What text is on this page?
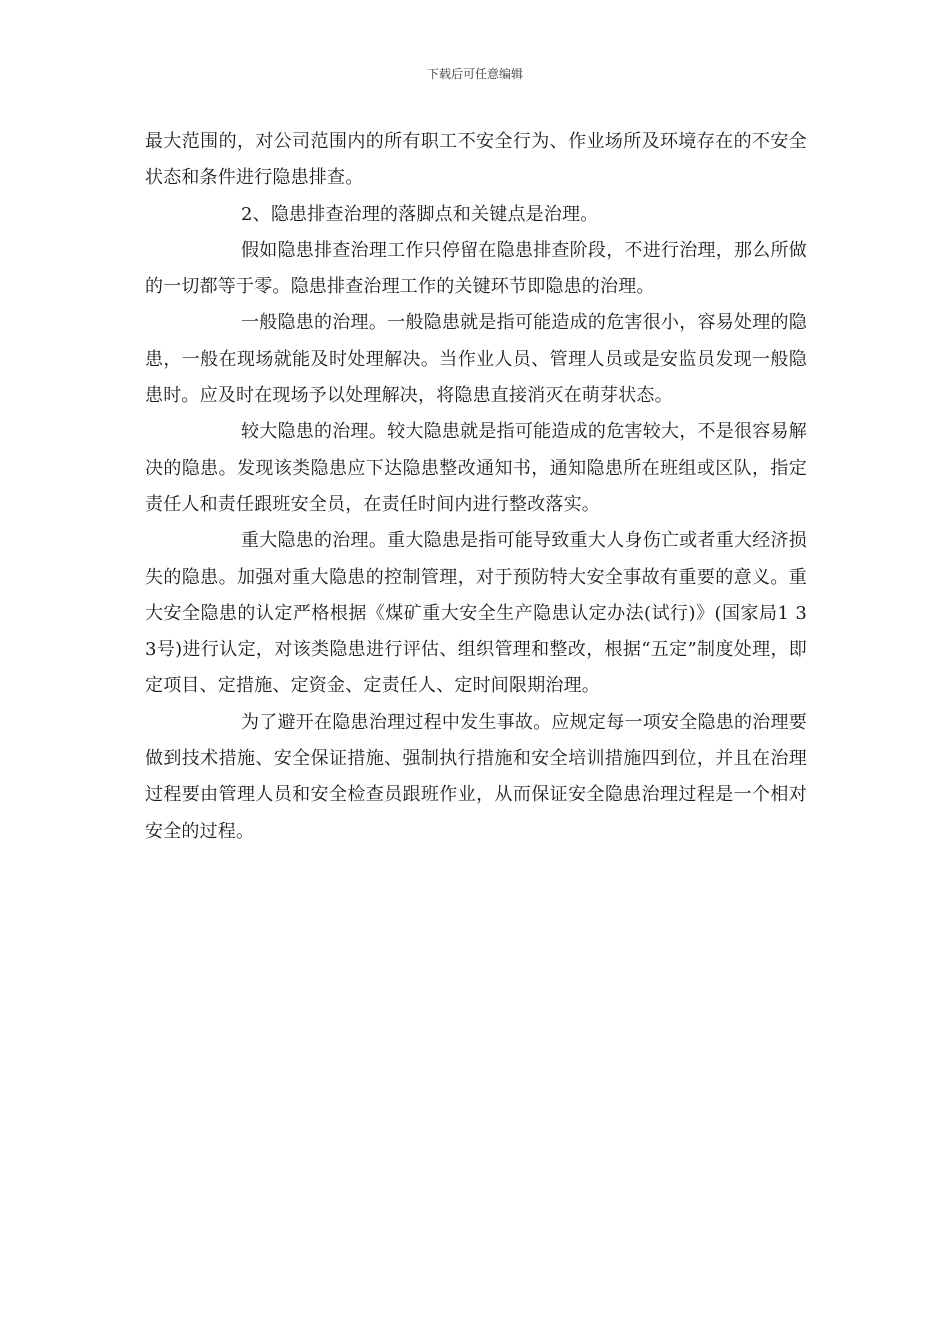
下载后可任意编辑

最大范围的，对公司范围内的所有职工不安全行为、作业场所及环境存在的不安全状态和条件进行隐患排查。

2、隐患排查治理的落脚点和关键点是治理。

假如隐患排查治理工作只停留在隐患排查阶段，不进行治理，那么所做的一切都等于零。隐患排查治理工作的关键环节即隐患的治理。

一般隐患的治理。一般隐患就是指可能造成的危害很小，容易处理的隐患，一般在现场就能及时处理解决。当作业人员、管理人员或是安监员发现一般隐患时。应及时在现场予以处理解决，将隐患直接消灭在萌芽状态。

较大隐患的治理。较大隐患就是指可能造成的危害较大，不是很容易解决的隐患。发现该类隐患应下达隐患整改通知书，通知隐患所在班组或区队，指定责任人和责任跟班安全员，在责任时间内进行整改落实。

重大隐患的治理。重大隐患是指可能导致重大人身伤亡或者重大经济损失的隐患。加强对重大隐患的控制管理，对于预防特大安全事故有重要的意义。重大安全隐患的认定严格根据《煤矿重大安全生产隐患认定办法(试行)》(国家局1 33号)进行认定，对该类隐患进行评估、组织管理和整改，根据“五定”制度处理，即定项目、定措施、定资金、定责任人、定时间限期治理。

为了避开在隐患治理过程中发生事故。应规定每一项安全隐患的治理要做到技术措施、安全保证措施、强制执行措施和安全培训措施四到位，并且在治理过程要由管理人员和安全检查员跟班作业，从而保证安全隐患治理过程是一个相对安全的过程。
